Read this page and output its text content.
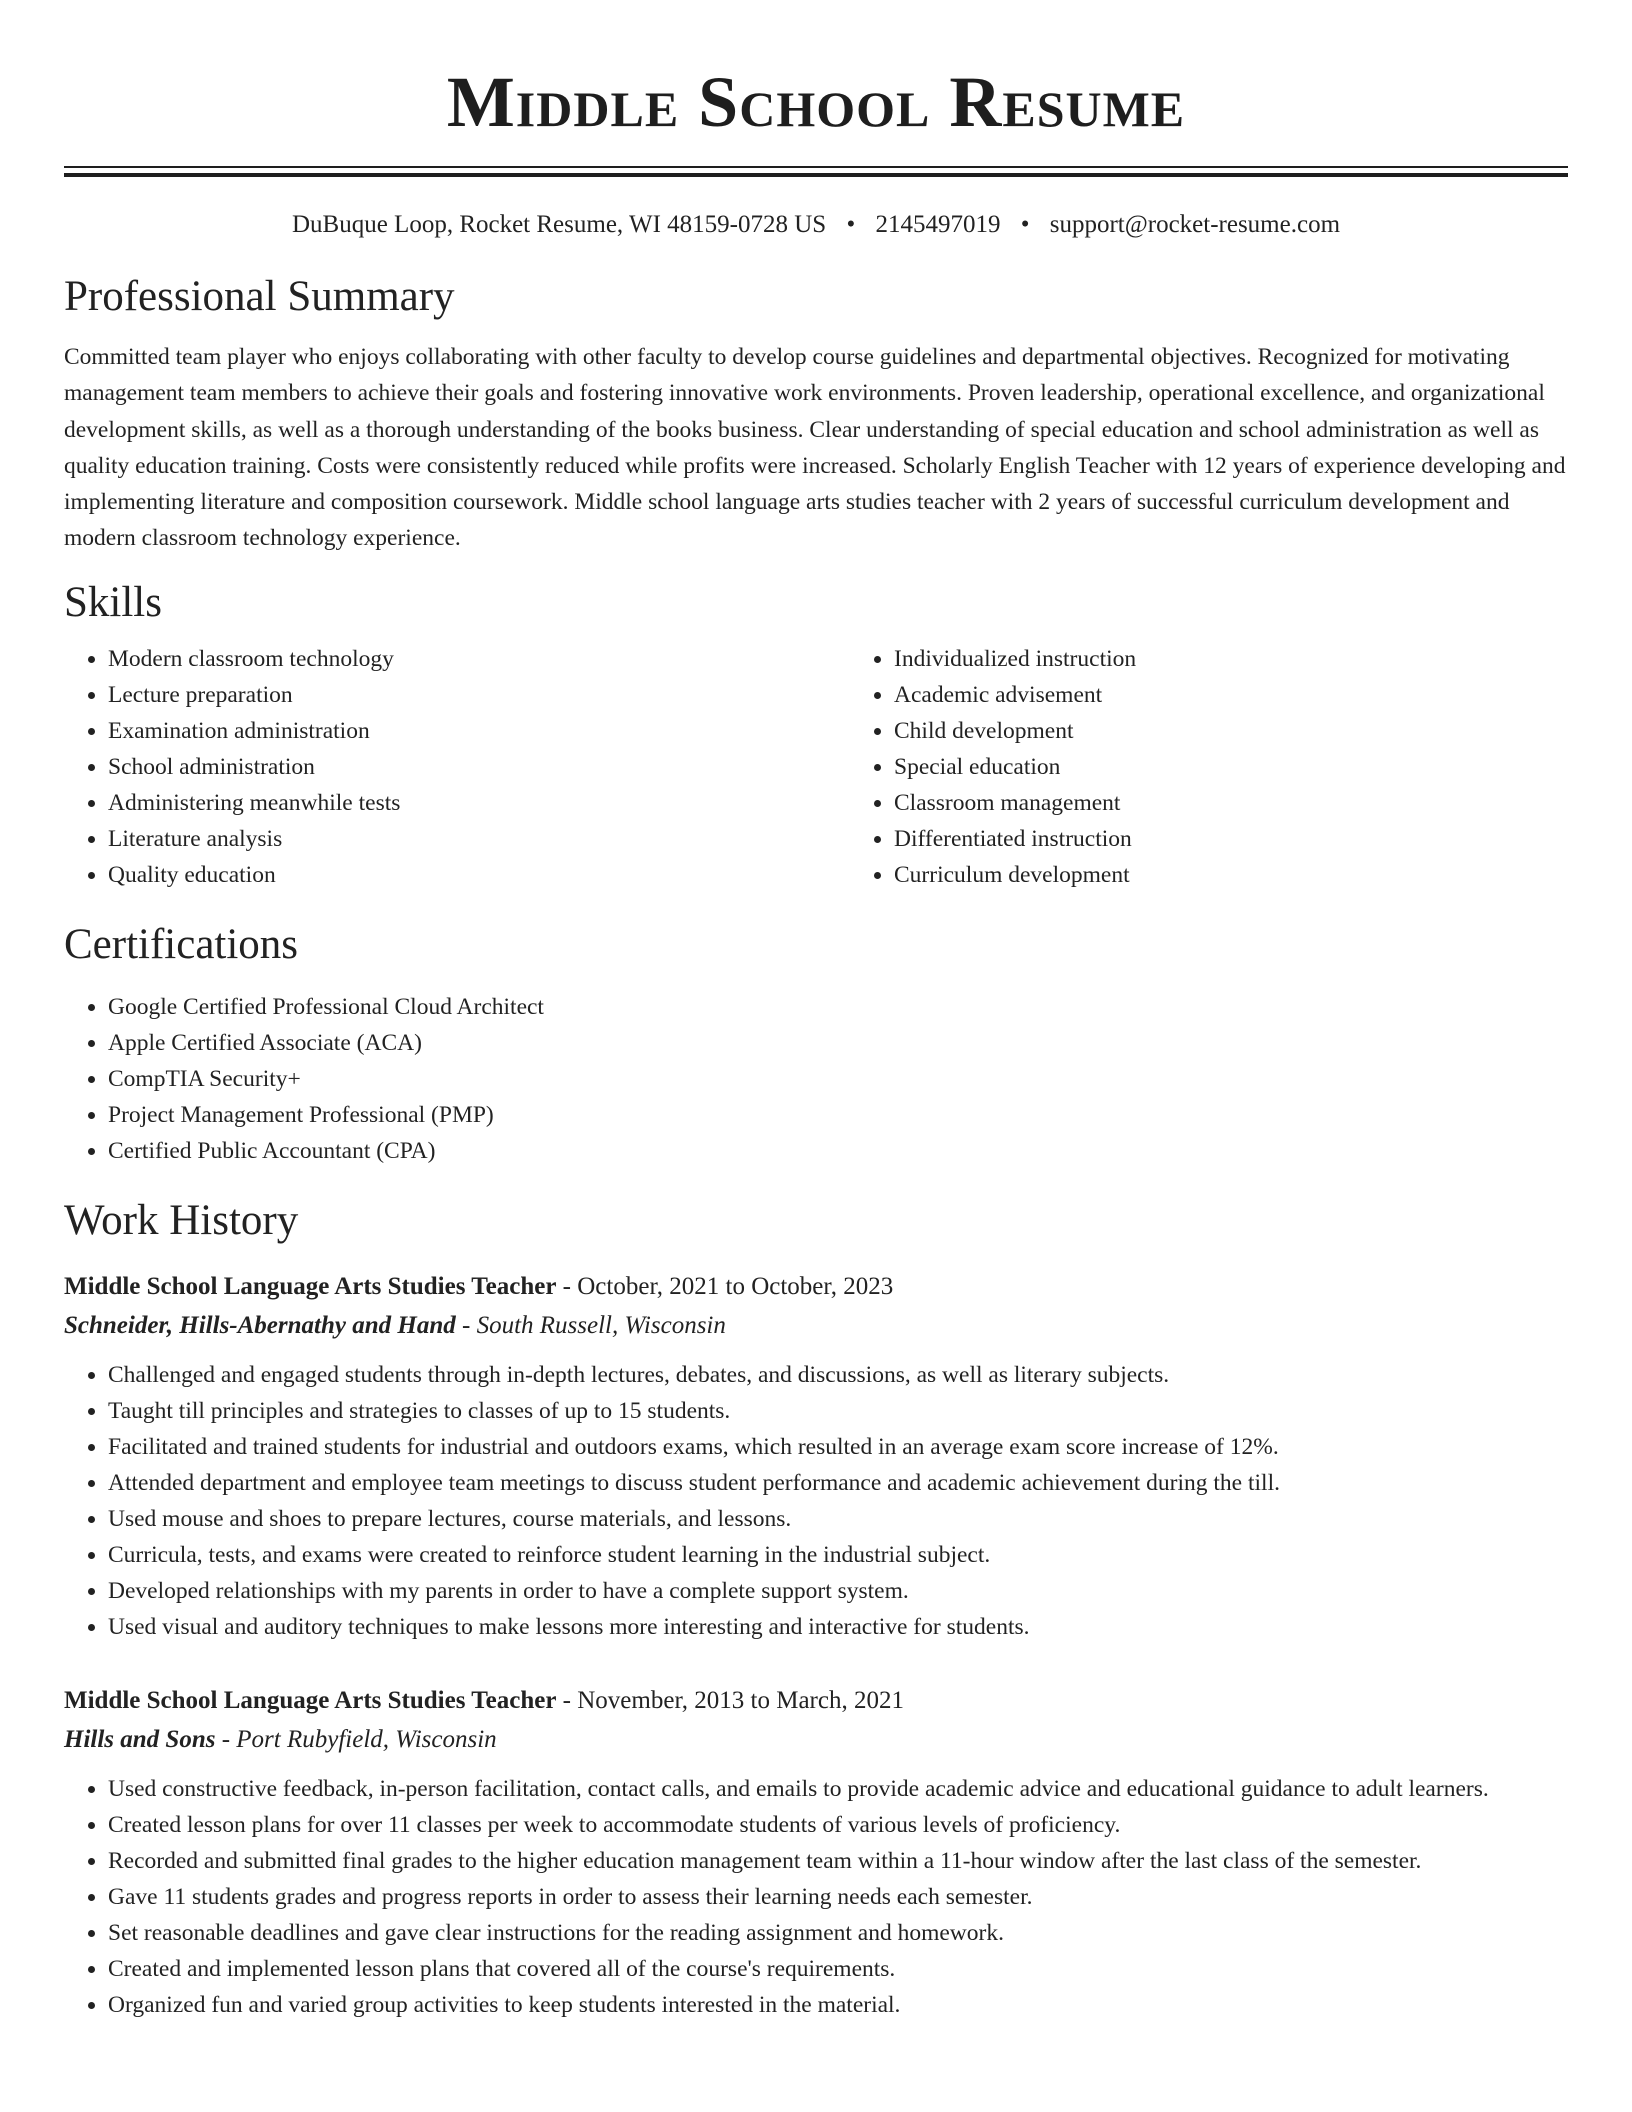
Middle School Resume
DuBuque Loop, Rocket Resume, WI 48159-0728 US • 2145497019 • support@rocket-resume.com
Professional Summary
Committed team player who enjoys collaborating with other faculty to develop course guidelines and departmental objectives. Recognized for motivating management team members to achieve their goals and fostering innovative work environments. Proven leadership, operational excellence, and organizational development skills, as well as a thorough understanding of the books business. Clear understanding of special education and school administration as well as quality education training. Costs were consistently reduced while profits were increased. Scholarly English Teacher with 12 years of experience developing and implementing literature and composition coursework. Middle school language arts studies teacher with 2 years of successful curriculum development and modern classroom technology experience.
Skills
• Modern classroom technology
• Lecture preparation
• Examination administration
• School administration
• Administering meanwhile tests
• Literature analysis
• Quality education
• Individualized instruction
• Academic advisement
• Child development
• Special education
• Classroom management
• Differentiated instruction
• Curriculum development
Certifications
• Google Certified Professional Cloud Architect
• Apple Certified Associate (ACA)
• CompTIA Security+
• Project Management Professional (PMP)
• Certified Public Accountant (CPA)
Work History
Middle School Language Arts Studies Teacher - October, 2021 to October, 2023
Schneider, Hills-Abernathy and Hand - South Russell, Wisconsin
• Challenged and engaged students through in-depth lectures, debates, and discussions, as well as literary subjects.
• Taught till principles and strategies to classes of up to 15 students.
• Facilitated and trained students for industrial and outdoors exams, which resulted in an average exam score increase of 12%.
• Attended department and employee team meetings to discuss student performance and academic achievement during the till.
• Used mouse and shoes to prepare lectures, course materials, and lessons.
• Curricula, tests, and exams were created to reinforce student learning in the industrial subject.
• Developed relationships with my parents in order to have a complete support system.
• Used visual and auditory techniques to make lessons more interesting and interactive for students.
Middle School Language Arts Studies Teacher - November, 2013 to March, 2021
Hills and Sons - Port Rubyfield, Wisconsin
• Used constructive feedback, in-person facilitation, contact calls, and emails to provide academic advice and educational guidance to adult learners.
• Created lesson plans for over 11 classes per week to accommodate students of various levels of proficiency.
• Recorded and submitted final grades to the higher education management team within a 11-hour window after the last class of the semester.
• Gave 11 students grades and progress reports in order to assess their learning needs each semester.
• Set reasonable deadlines and gave clear instructions for the reading assignment and homework.
• Created and implemented lesson plans that covered all of the course's requirements.
• Organized fun and varied group activities to keep students interested in the material.
